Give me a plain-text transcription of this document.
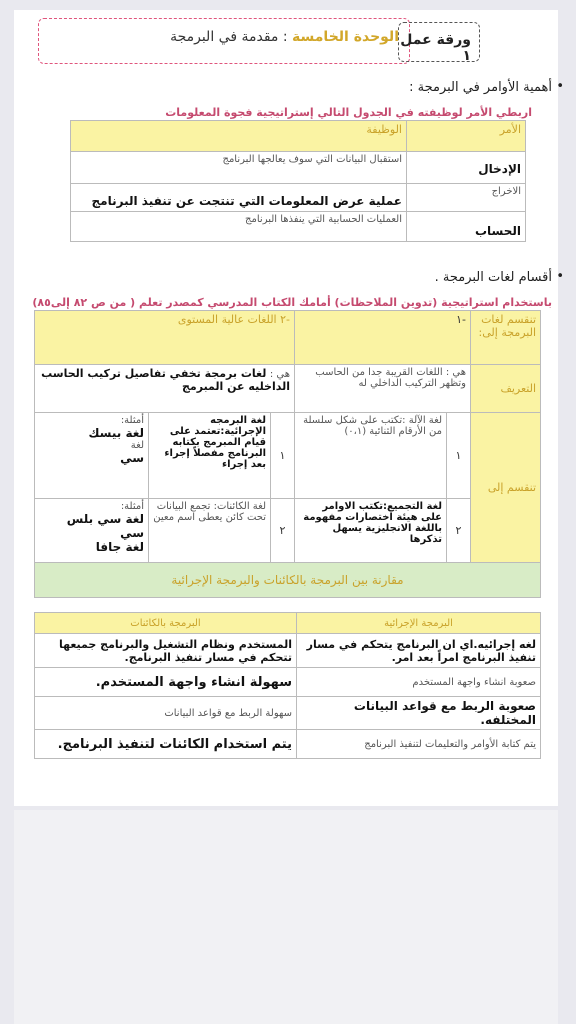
الوحدة الخامسة : مقدمة في البرمجة	ورقة عمل ١
أهمية الأوامر في البرمجة : •
اربطي الأمر لوظيفته في الجدول التالي إستراتيجية فجوة المعلومات
الأمر	الوظيفة

الإدخال	استقبال البيانات التي سوف يعالجها البرنامج

الاخراج	عملية عرض المعلومات التي تنتجت عن تنفيذ البرنامج

الحساب	العمليات الحسابية التي ينفذها البرنامج
أقسام لغات البرمجة . •
باستخدام استراتيجية (تدوين الملاحظات) أمامك الكتاب المدرسي كمصدر تعلم ( من ص ٨٢ إلى٨٥)
تنقسم لغات البرمجة إلى:	-١		-٢ اللغات عالية المستوى		
التعريف	هي : اللغات القريبة جدا من الحاسب وتظهر التركيب الداخلي له		هي : لغات برمجة تخفي تفاصيل تركيب الحاسب الداخليه عن المبرمج		
تنقسم إلى	١	لغة الآلة :تكتب على شكل سلسلة من الأرقام الثنائية (٠،١)	١	لغة البرمجه الإجرائية:تعتمد على قيام المبرمج بكتابه البرنامج مفصلاً إجراء بعد إجراء	أمثلة:
لغة بيسك
لغة
سي

	٢	لغة التجميع:تكتب الاوامر على هيئة اختصارات مفهومة باللغة الانجليزية يسهل تذكرها	٢	لغة الكائنات: تجمع البيانات تحت كائن يعطى اسم معين	أمثلة:
لغة سي بلس سي
لغة جافا

مقارنة بين البرمجة بالكائنات والبرمجة الإجرائية					
البرمجة الإجرائية	البرمجة بالكائنات
لغه إجرائيه.اي ان البرنامج يتحكم في مسار تنفيذ البرنامج امراً بعد امر.	المستخدم ونظام التشغيل والبرنامج جميعها تتحكم في مسار تنفيذ البرنامج.
صعوبة انشاء واجهة المستخدم	سهولة انشاء واجهة المستخدم.
صعوبة الربط مع قواعد البيانات المختلفه.	سهولة الربط مع قواعد البيانات
يتم كتابة الأوامر والتعليمات لتنفيذ البرنامج	يتم استخدام الكائنات لتنفيذ البرنامج.
